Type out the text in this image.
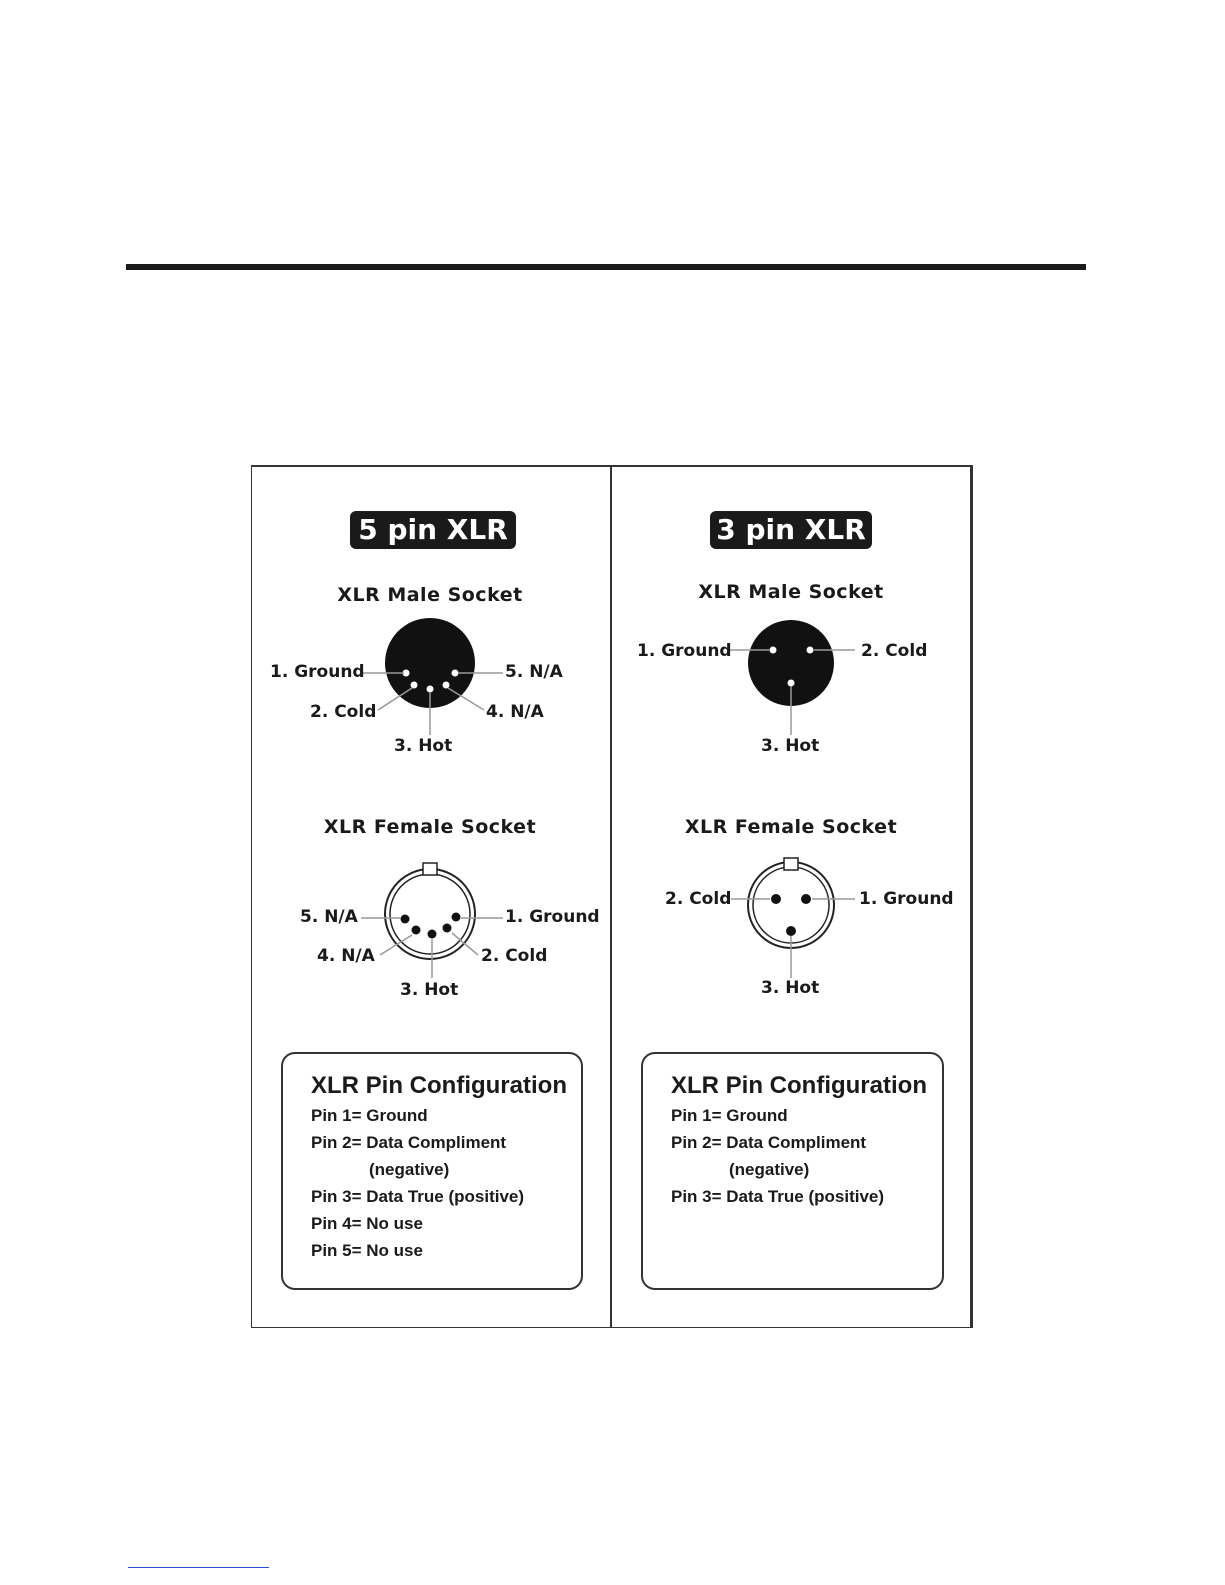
5 pin XLR
XLR Male Socket
1. Ground
2. Cold
3. Hot
4. N/A
5. N/A
XLR Female Socket
5. N/A
4. N/A
3. Hot
2. Cold
1. Ground
XLR Pin Configuration
Pin 1= Ground
Pin 2= Data Compliment
(negative)
Pin 3= Data True (positive)
Pin 4= No use
Pin 5= No use
3 pin XLR
XLR Male Socket
1. Ground	2. Cold
3. Hot
XLR Female Socket
2. Cold	1. Ground
3. Hot
XLR Pin Configuration
Pin 1= Ground
Pin 2= Data Compliment
(negative)
Pin 3= Data True (positive)
